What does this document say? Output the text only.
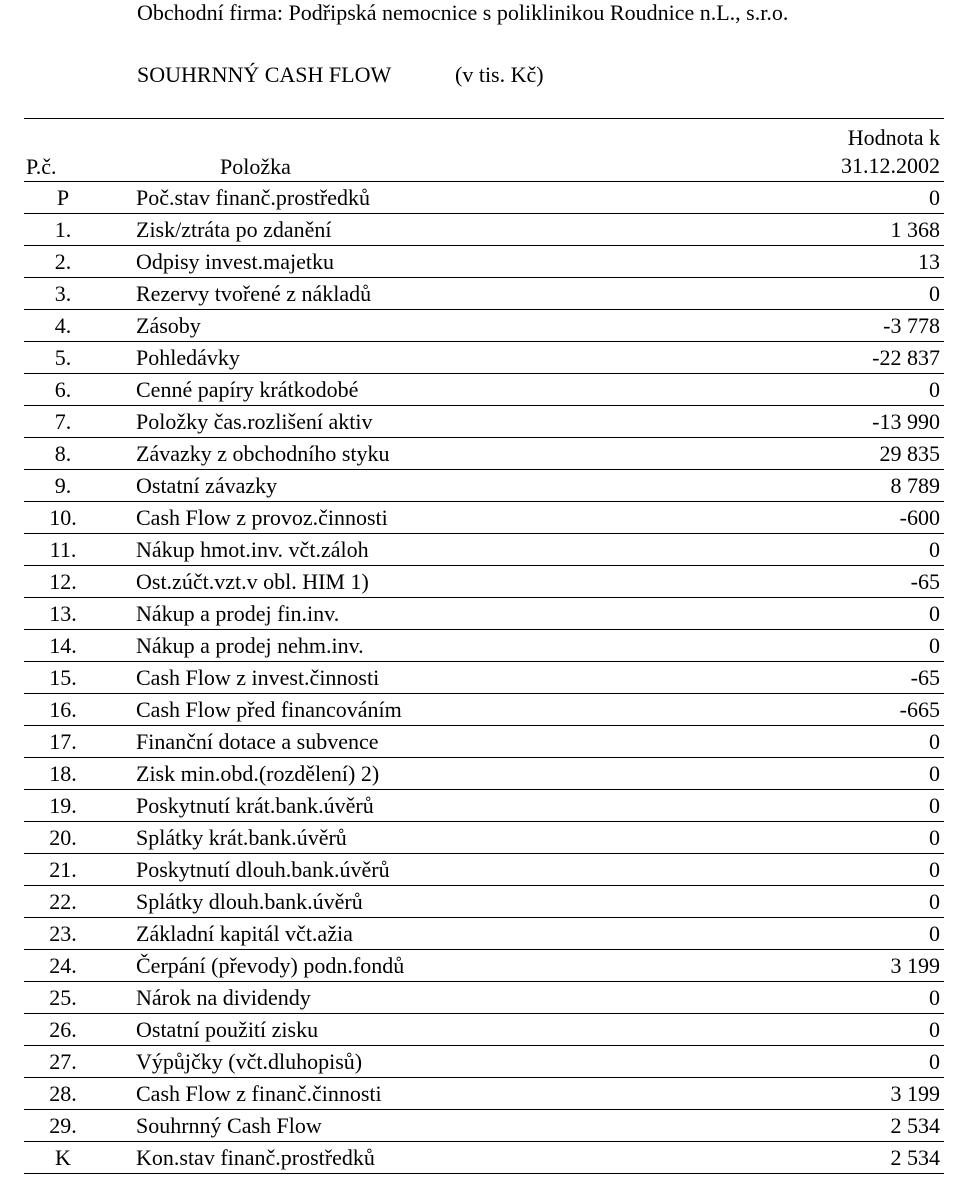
Obchodní firma: Podřipská nemocnice s poliklinikou Roudnice n.L., s.r.o.
SOUHRNNÝ CASH FLOW	(v tis. Kč)
P.č.	Položka	Hodnota k
31.12.2002

P	Poč.stav finanč.prostředků	0
1.	Zisk/ztráta po zdanění	1 368
2.	Odpisy invest.majetku	13
3.	Rezervy tvořené z nákladů	0
4.	Zásoby	-3 778
5.	Pohledávky	-22 837
6.	Cenné papíry krátkodobé	0
7.	Položky čas.rozlišení aktiv	-13 990
8.	Závazky z obchodního styku	29 835
9.	Ostatní závazky	8 789
10.	Cash Flow z provoz.činnosti	-600
11.	Nákup hmot.inv. včt.záloh	0
12.	Ost.zúčt.vzt.v obl. HIM 1)	-65
13.	Nákup a prodej fin.inv.	0
14.	Nákup a prodej nehm.inv.	0
15.	Cash Flow z invest.činnosti	-65
16.	Cash Flow před financováním	-665
17.	Finanční dotace a subvence	0
18.	Zisk min.obd.(rozdělení) 2)	0
19.	Poskytnutí krát.bank.úvěrů	0
20.	Splátky krát.bank.úvěrů	0
21.	Poskytnutí dlouh.bank.úvěrů	0
22.	Splátky dlouh.bank.úvěrů	0
23.	Základní kapitál včt.ažia	0
24.	Čerpání (převody) podn.fondů	3 199
25.	Nárok na dividendy	0
26.	Ostatní použití zisku	0
27.	Výpůjčky (včt.dluhopisů)	0
28.	Cash Flow z finanč.činnosti	3 199
29.	Souhrnný Cash Flow	2 534
K	Kon.stav finanč.prostředků	2 534
